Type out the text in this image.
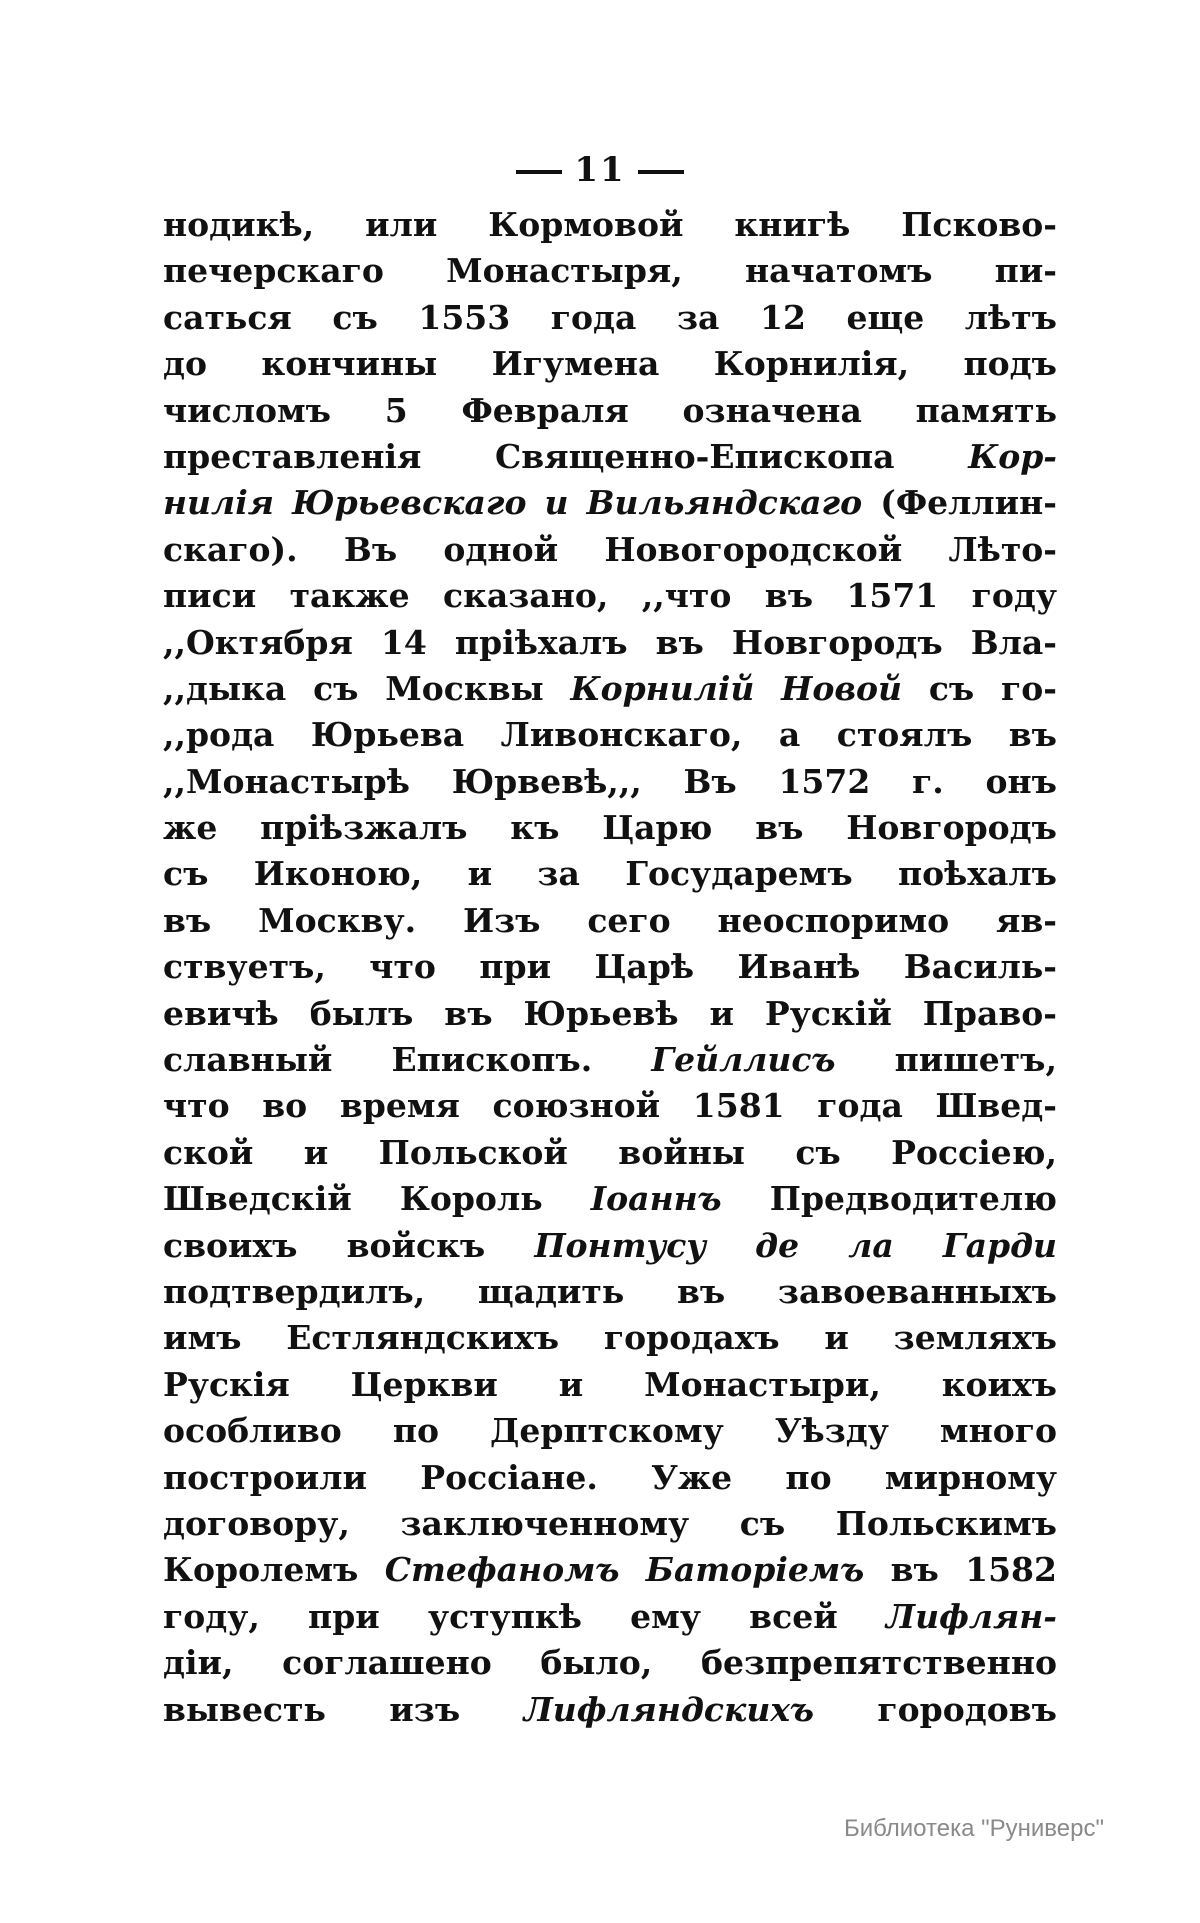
11
нодикѣ, или Кормовой книгѣ Псково-
печерскаго Монастыря, начатомъ пи-
саться съ 1553 года за 12 еще лѣтъ
до кончины Игумена Корнилія, подъ
числомъ 5 Февраля означена память
преставленія Священно-Епископа Кор-
нилія Юрьевскаго и Вильяндскаго (Феллин-
скаго). Въ одной Новогородской Лѣто-
писи также сказано, ,,что въ 1571 году
,,Октября 14 пріѣхалъ въ Новгородъ Вла-
,,дыка съ Москвы Корнилій Новой съ го-
,,рода Юрьева Ливонскаго, а стоялъ въ
,,Монастырѣ Юрвевѣ,,, Въ 1572 г. онъ
же пріѣзжалъ къ Царю въ Новгородъ
съ Иконою, и за Государемъ поѣхалъ
въ Москву. Изъ сего неоспоримо яв-
ствуетъ, что при Царѣ Иванѣ Василь-
евичѣ былъ въ Юрьевѣ и Рускій Право-
славный Епископъ. Гейллисъ пишетъ,
что во время союзной 1581 года Швед-
ской и Польской войны съ Россіею,
Шведскій Король Іоаннъ Предводителю
своихъ войскъ Понтусу де ла Гарди
подтвердилъ, щадить въ завоеванныхъ
имъ Естляндскихъ городахъ и земляхъ
Рускія Церкви и Монастыри, коихъ
особливо по Дерптскому Уѣзду много
построили Россіане. Уже по мирному
договору, заключенному съ Польскимъ
Королемъ Стефаномъ Баторіемъ въ 1582
году, при уступкѣ ему всей Лифлян-
діи, соглашено было, безпрепятственно
вывесть изъ Лифляндскихъ городовъ
Библиотека "Руниверс"
